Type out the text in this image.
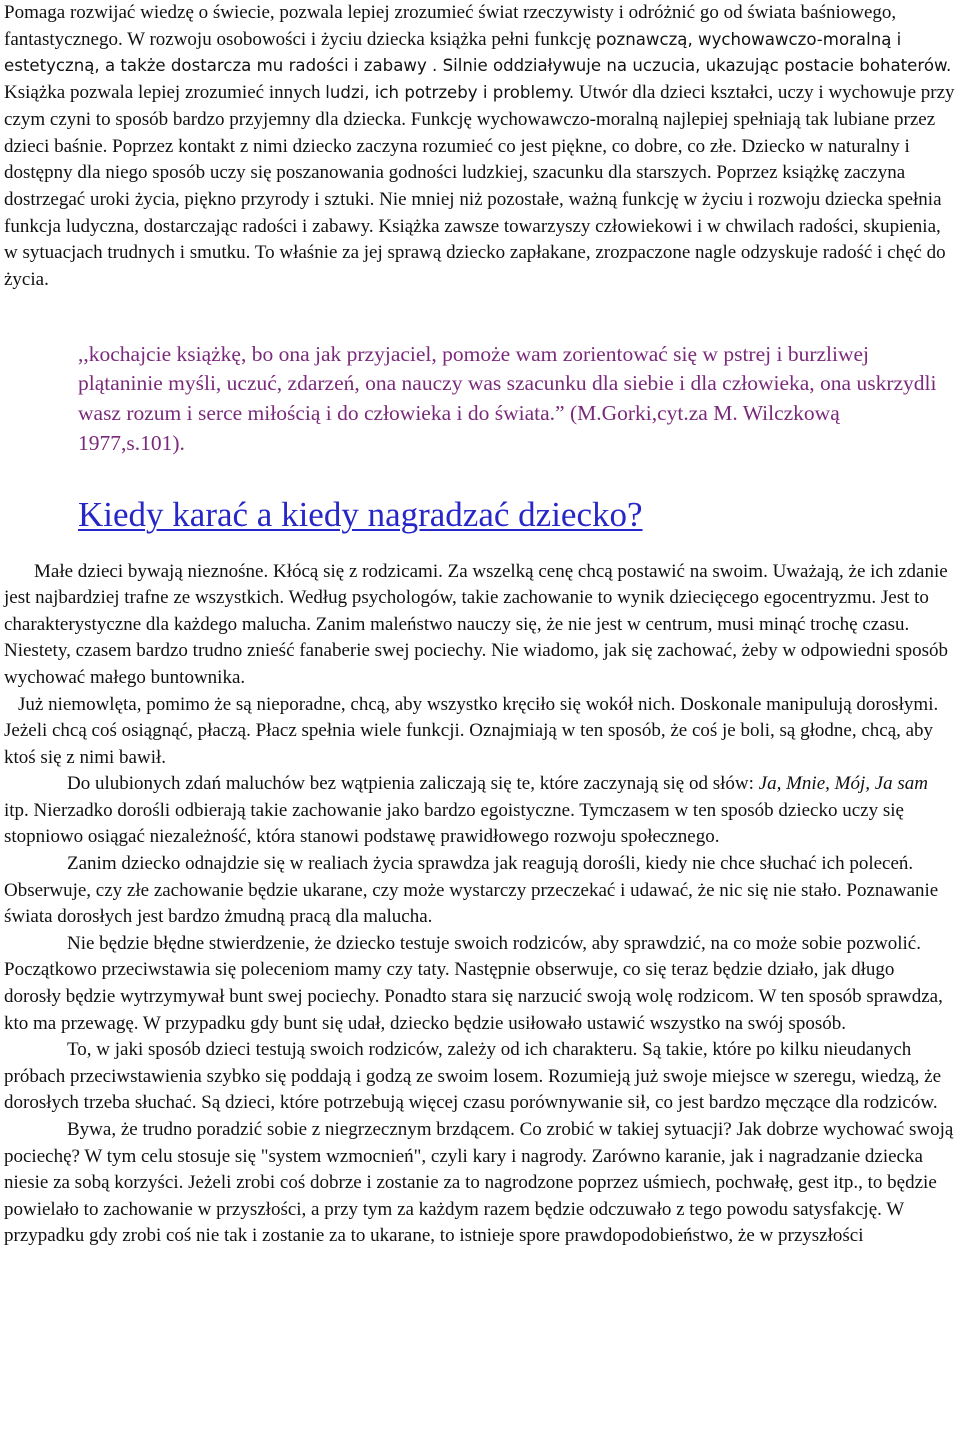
Pomaga rozwijać wiedzę o świecie, pozwala lepiej zrozumieć świat rzeczywisty i odróżnić go od świata baśniowego, fantastycznego. W rozwoju osobowości i życiu dziecka książka pełni funkcję poznawczą, wychowawczo-moralną i estetyczną, a także dostarcza mu radości i zabawy . Silnie oddziaływuje na uczucia, ukazując postacie bohaterów. Książka pozwala lepiej zrozumieć innych ludzi, ich potrzeby i problemy. Utwór dla dzieci kształci, uczy i wychowuje przy czym czyni to sposób bardzo przyjemny dla dziecka. Funkcję wychowawczo-moralną najlepiej spełniają tak lubiane przez dzieci baśnie. Poprzez kontakt z nimi dziecko zaczyna rozumieć co jest piękne, co dobre, co złe. Dziecko w naturalny i dostępny dla niego sposób uczy się poszanowania godności ludzkiej, szacunku dla starszych. Poprzez książkę zaczyna dostrzegać uroki życia, piękno przyrody i sztuki. Nie mniej niż pozostałe, ważną funkcję w życiu i rozwoju dziecka spełnia funkcja ludyczna, dostarczając radości i zabawy. Książka zawsze towarzyszy człowiekowi i w chwilach radości, skupienia, w sytuacjach trudnych i smutku. To właśnie za jej sprawą dziecko zapłakane, zrozpaczone nagle odzyskuje radość i chęć do życia.

,,kochajcie książkę, bo ona jak przyjaciel, pomoże wam zorientować się w pstrej i burzliwej plątaninie myśli, uczuć, zdarzeń, ona nauczy was szacunku dla siebie i dla człowieka, ona uskrzydli wasz rozum i serce miłością i do człowieka i do świata.” (M.Gorki,cyt.za M. Wilczkową 1977,s.101).

Kiedy karać a kiedy nagradzać dziecko?

Małe dzieci bywają nieznośne. Kłócą się z rodzicami. Za wszelką cenę chcą postawić na swoim. Uważają, że ich zdanie jest najbardziej trafne ze wszystkich. Według psychologów, takie zachowanie to wynik dziecięcego egocentryzmu. Jest to charakterystyczne dla każdego malucha. Zanim maleństwo nauczy się, że nie jest w centrum, musi minąć trochę czasu. Niestety, czasem bardzo trudno znieść fanaberie swej pociechy. Nie wiadomo, jak się zachować, żeby w odpowiedni sposób wychować małego buntownika.

Już niemowlęta, pomimo że są nieporadne, chcą, aby wszystko kręciło się wokół nich. Doskonale manipulują dorosłymi. Jeżeli chcą coś osiągnąć, płaczą. Płacz spełnia wiele funkcji. Oznajmiają w ten sposób, że coś je boli, są głodne, chcą, aby ktoś się z nimi bawił.

Do ulubionych zdań maluchów bez wątpienia zaliczają się te, które zaczynają się od słów: Ja, Mnie, Mój, Ja sam itp. Nierzadko dorośli odbierają takie zachowanie jako bardzo egoistyczne. Tymczasem w ten sposób dziecko uczy się stopniowo osiągać niezależność, która stanowi podstawę prawidłowego rozwoju społecznego.

Zanim dziecko odnajdzie się w realiach życia sprawdza jak reagują dorośli, kiedy nie chce słuchać ich poleceń. Obserwuje, czy złe zachowanie będzie ukarane, czy może wystarczy przeczekać i udawać, że nic się nie stało. Poznawanie świata dorosłych jest bardzo żmudną pracą dla malucha.

Nie będzie błędne stwierdzenie, że dziecko testuje swoich rodziców, aby sprawdzić, na co może sobie pozwolić. Początkowo przeciwstawia się poleceniom mamy czy taty. Następnie obserwuje, co się teraz będzie działo, jak długo dorosły będzie wytrzymywał bunt swej pociechy. Ponadto stara się narzucić swoją wolę rodzicom. W ten sposób sprawdza, kto ma przewagę. W przypadku gdy bunt się udał, dziecko będzie usiłowało ustawić wszystko na swój sposób.

To, w jaki sposób dzieci testują swoich rodziców, zależy od ich charakteru. Są takie, które po kilku nieudanych próbach przeciwstawienia szybko się poddają i godzą ze swoim losem. Rozumieją już swoje miejsce w szeregu, wiedzą, że dorosłych trzeba słuchać. Są dzieci, które potrzebują więcej czasu porównywanie sił, co jest bardzo męczące dla rodziców.

Bywa, że trudno poradzić sobie z niegrzecznym brzdącem. Co zrobić w takiej sytuacji? Jak dobrze wychować swoją pociechę? W tym celu stosuje się "system wzmocnień", czyli kary i nagrody. Zarówno karanie, jak i nagradzanie dziecka niesie za sobą korzyści. Jeżeli zrobi coś dobrze i zostanie za to nagrodzone poprzez uśmiech, pochwałę, gest itp., to będzie powielało to zachowanie w przyszłości, a przy tym za każdym razem będzie odczuwało z tego powodu satysfakcję. W przypadku gdy zrobi coś nie tak i zostanie za to ukarane, to istnieje spore prawdopodobieństwo, że w przyszłości
